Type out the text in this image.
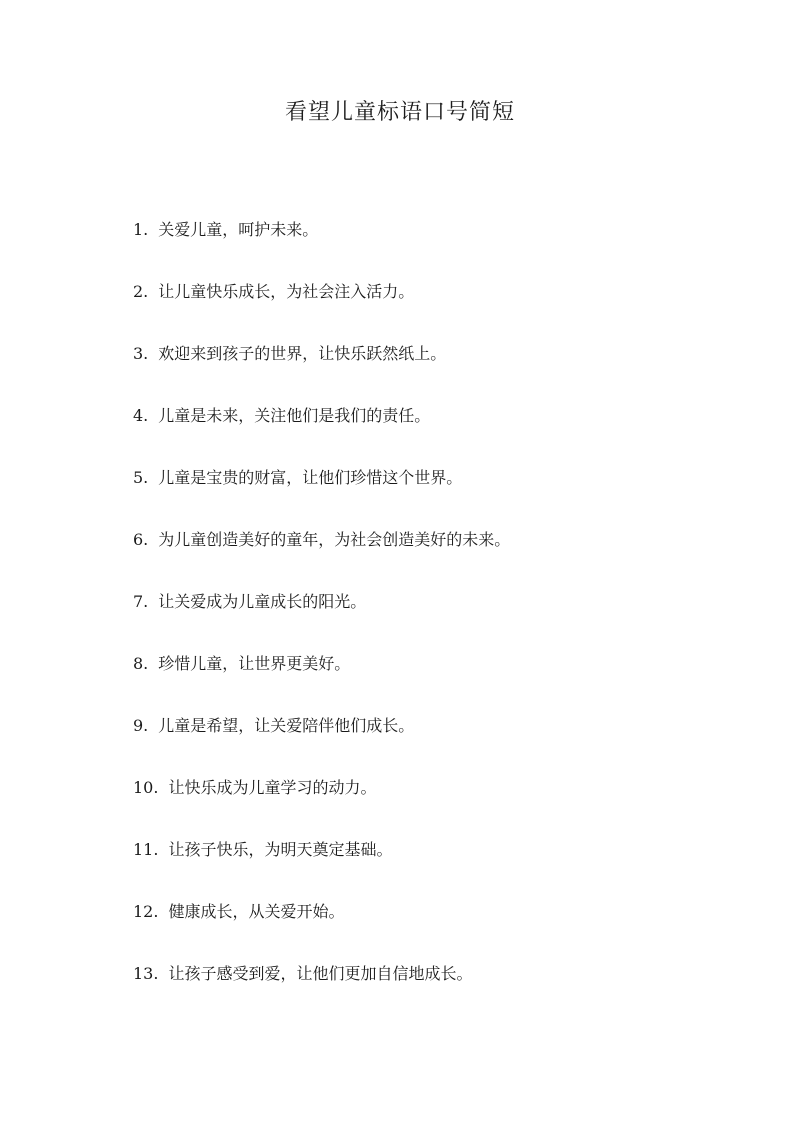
看望儿童标语口号简短
1. 关爱儿童，呵护未来。
2. 让儿童快乐成长，为社会注入活力。
3. 欢迎来到孩子的世界，让快乐跃然纸上。
4. 儿童是未来，关注他们是我们的责任。
5. 儿童是宝贵的财富，让他们珍惜这个世界。
6. 为儿童创造美好的童年，为社会创造美好的未来。
7. 让关爱成为儿童成长的阳光。
8. 珍惜儿童，让世界更美好。
9. 儿童是希望，让关爱陪伴他们成长。
10. 让快乐成为儿童学习的动力。
11. 让孩子快乐，为明天奠定基础。
12. 健康成长，从关爱开始。
13. 让孩子感受到爱，让他们更加自信地成长。
